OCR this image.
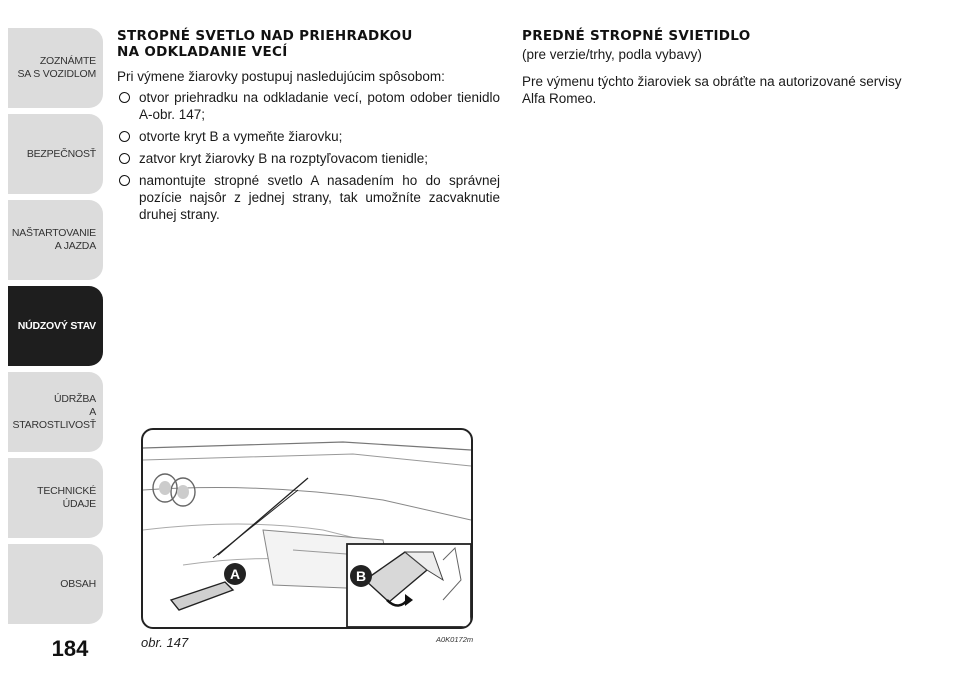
ZOZNÁMTE
SA S VOZIDLOM
BEZPEČNOSŤ
NAŠTARTOVANIE
A JAZDA
NÚDZOVÝ STAV
ÚDRŽBA
A STAROSTLIVOSŤ
TECHNICKÉ
ÚDAJE
OBSAH
184
STROPNÉ SVETLO NAD PRIEHRADKOU
NA ODKLADANIE VECÍ

Pri výmene žiarovky postupuj nasledujúcim spôsobom:

otvor priehradku na odkladanie vecí, potom odober tienidlo A-obr. 147;
otvorte kryt B a vymeňte žiarovku;
zatvor kryt žiarovky B na rozptyľovacom tienidle;
namontujte stropné svetlo A nasadením ho do správnej pozície najsôr z jednej strany, tak umožníte zacvaknutie druhej strany.
PREDNÉ STROPNÉ SVIETIDLO

(pre verzie/trhy, podla vybavy)

Pre výmenu týchto žiaroviek sa obráťte na autorizované servisy Alfa Romeo.

A	B
obr. 147	A0K0172m
